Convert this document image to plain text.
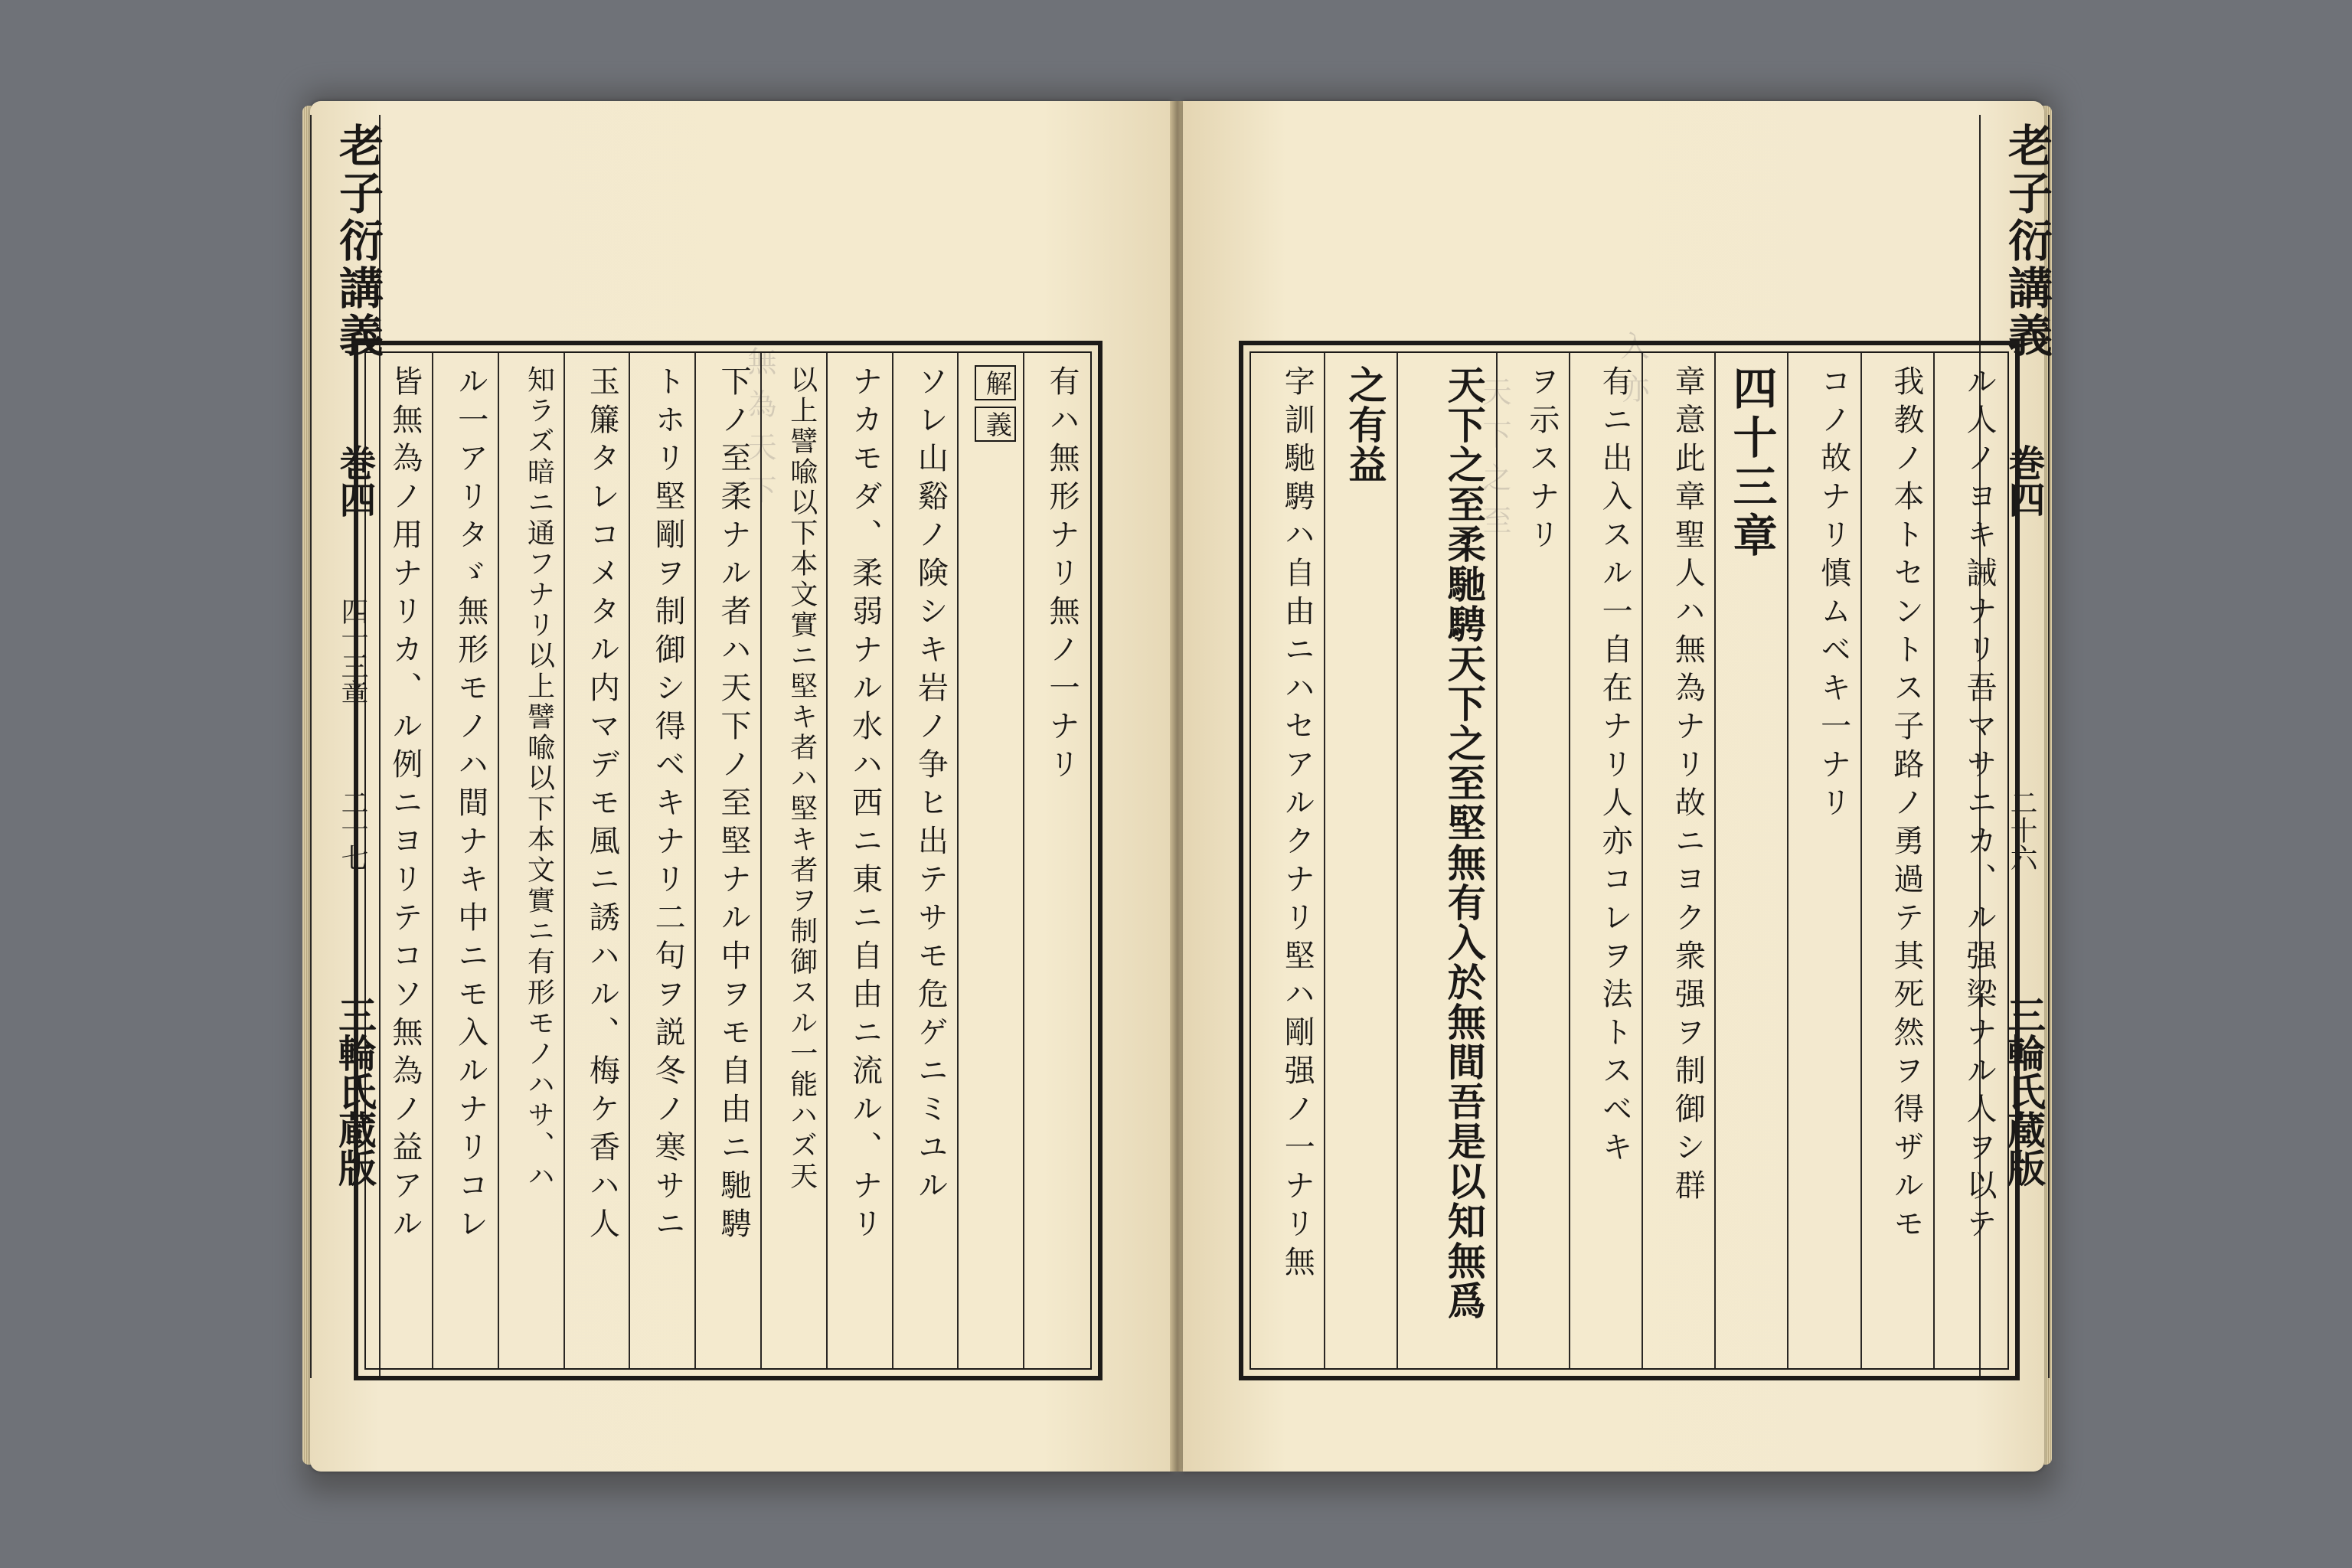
無為天下
老子衍講義
巻四
四十三章
二十七
三輪氏蔵版
有ハ無形ナリ無ノ一ナリ
解義
ソレ山谿ノ険シキ岩ノ争ヒ出テサモ危ゲニミユル
ナカモダ、柔弱ナル水ハ西ニ東ニ自由ニ流ル、ナリ
以上譬喩以下本文實ニ堅キ者ハ堅キ者ヲ制御スル一能ハズ天
下ノ至柔ナル者ハ天下ノ至堅ナル中ヲモ自由ニ馳騁
トホリ堅剛ヲ制御シ得ベキナリ二句ヲ説冬ノ寒サニ
玉簾タレコメタル内マデモ風ニ誘ハル、梅ケ香ハ人
知ラズ暗ニ通フナリ以上譬喩以下本文實ニ有形モノハサ、ハ
ル一アリタゞ無形モノハ間ナキ中ニモ入ルナリコレ
皆無為ノ用ナリカ、ル例ニヨリテコソ無為ノ益アル	天下之至
入亦
老子衍講義
巻四
二十六
三輪氏蔵版
ル人ノヨキ誡ナリ吾マサニカ、ル强梁ナル人ヲ以テ
我教ノ本トセントス子路ノ勇過テ其死然ヲ得ザルモ
コノ故ナリ慎ムベキ一ナリ
四十三章
章意此章聖人ハ無為ナリ故ニヨク衆强ヲ制御シ群
有ニ出入スル一自在ナリ人亦コレヲ法トスベキ
ヲ示スナリ
天下之至柔馳騁天下之至堅無有入於無間吾是以知無爲
之有益
字訓馳騁ハ自由ニハセアルクナリ堅ハ剛强ノ一ナリ無
